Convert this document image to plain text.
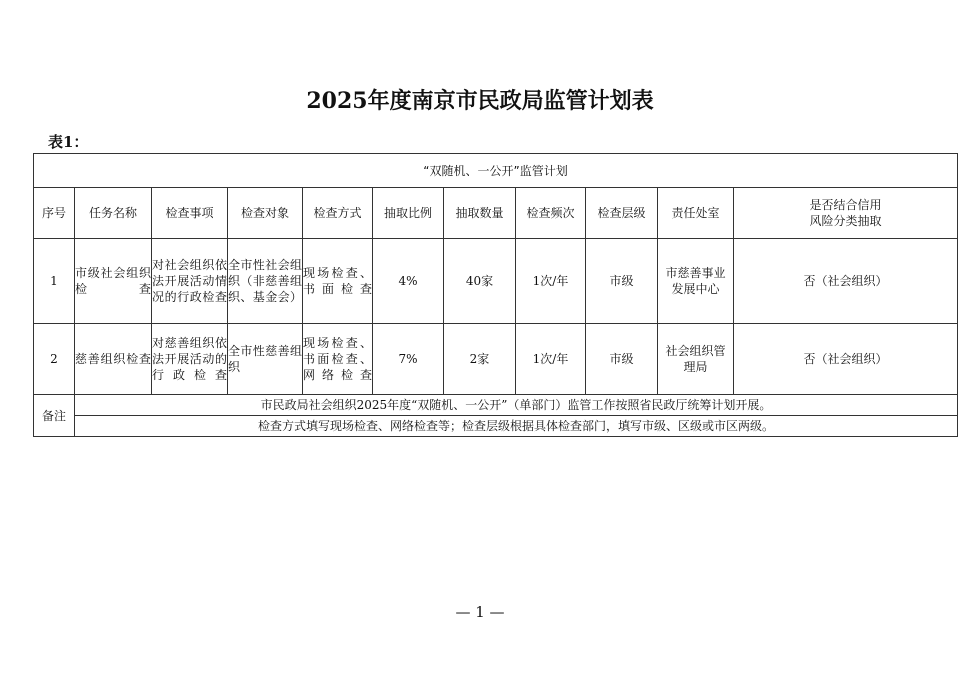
2025年度南京市民政局监管计划表
表1：
“双随机、一公开”监管计划										
序号	任务名称	检查事项	检查对象	检查方式	抽取比例	抽取数量	检查频次	检查层级	责任处室	是否结合信用风险分类抽取
1	市级社会组织检查	对社会组织依法开展活动情况的行政检查	全市性社会组织（非慈善组织、基金会）	现场检查、书面检查	4%	40家	1次/年	市级	市慈善事业发展中心	否（社会组织）
2	慈善组织检查	对慈善组织依法开展活动的行政检查	全市性慈善组织	现场检查、书面检查、网络检查	7%	2家	1次/年	市级	社会组织管理局	否（社会组织）
备注	市民政局社会组织2025年度“双随机、一公开”（单部门）监管工作按照省民政厅统筹计划开展。									
	检查方式填写现场检查、网络检查等；检查层级根据具体检查部门，填写市级、区级或市区两级。									
— 1 —
